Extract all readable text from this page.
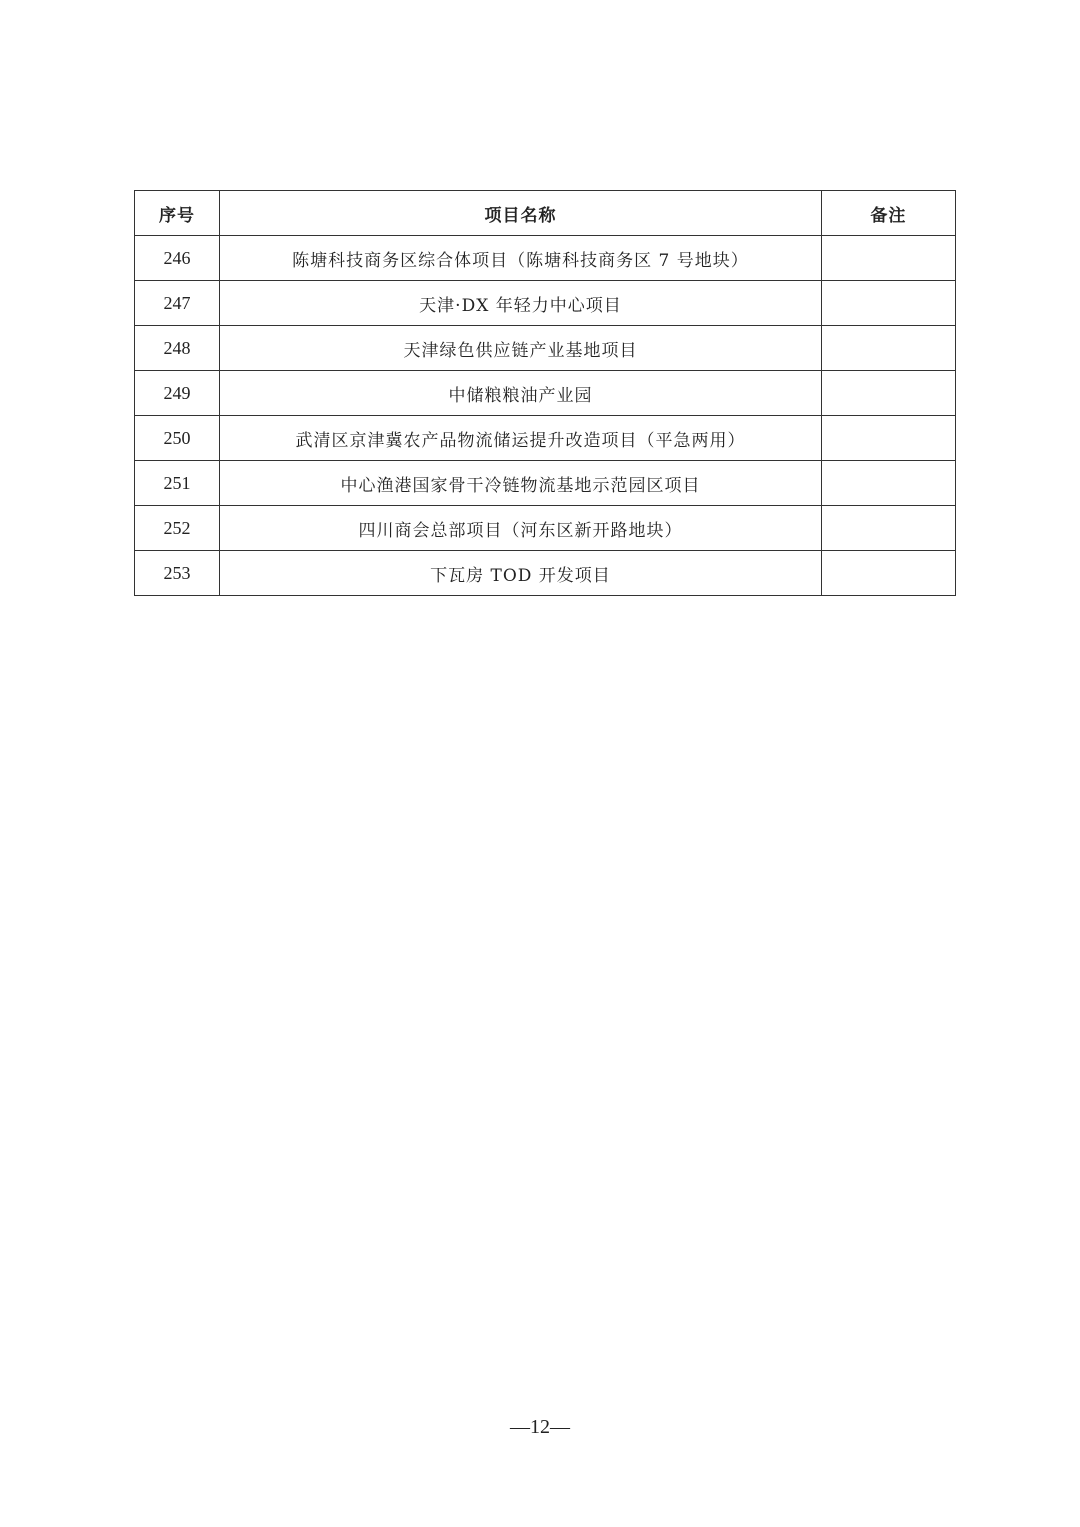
序号	项目名称	备注
246	陈塘科技商务区综合体项目（陈塘科技商务区 7 号地块）	
247	天津·DX 年轻力中心项目	
248	天津绿色供应链产业基地项目	
249	中储粮粮油产业园	
250	武清区京津冀农产品物流储运提升改造项目（平急两用）	
251	中心渔港国家骨干冷链物流基地示范园区项目	
252	四川商会总部项目（河东区新开路地块）	
253	下瓦房 TOD 开发项目	
—12—
